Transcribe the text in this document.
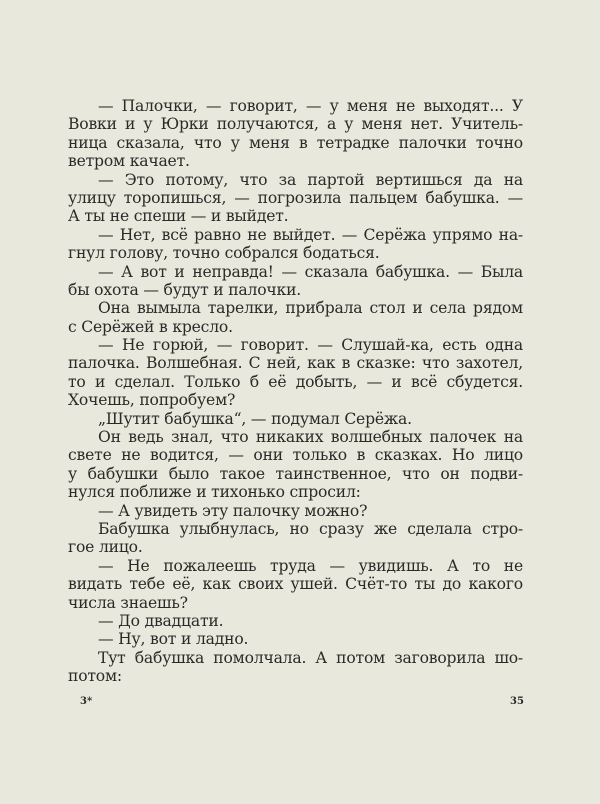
— Палочки, — говорит, — у меня не выходят... У
Вовки и у Юрки получаются, а у меня нет. Учитель-
ница сказала, что у меня в тетрадке палочки точно
ветром качает.
— Это потому, что за партой вертишься да на
улицу торопишься, — погрозила пальцем бабушка. —
А ты не спеши — и выйдет.
— Нет, всё равно не выйдет. — Серёжа упрямо на-
гнул голову, точно собрался бодаться.
— А вот и неправда! — сказала бабушка. — Была
бы охота — будут и палочки.
Она вымыла тарелки, прибрала стол и села рядом
с Серёжей в кресло.
— Не горюй, — говорит. — Слушай-ка, есть одна
палочка. Волшебная. С ней, как в сказке: что захотел,
то и сделал. Только б её добыть, — и всё сбудется.
Хочешь, попробуем?
„Шутит бабушка“, — подумал Серёжа.
Он ведь знал, что никаких волшебных палочек на
свете не водится, — они только в сказках. Но лицо
у бабушки было такое таинственное, что он подви-
нулся поближе и тихонько спросил:
— А увидеть эту палочку можно?
Бабушка улыбнулась, но сразу же сделала стро-
гое лицо.
— Не пожалеешь труда — увидишь. А то не
видать тебе её, как своих ушей. Счёт-то ты до какого
числа знаешь?
— До двадцати.
— Ну, вот и ладно.
Тут бабушка помолчала. А потом заговорила шо-
потом:
3*	35
